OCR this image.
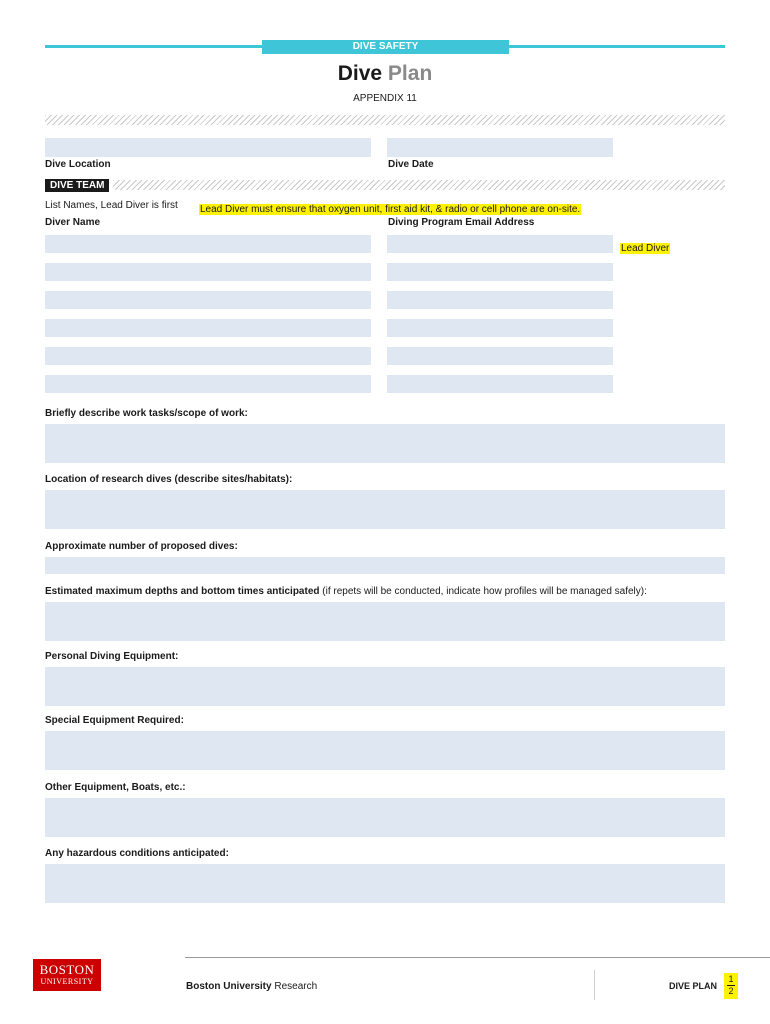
DIVE SAFETY
Dive Plan
APPENDIX 11
Dive Location	Dive Date
DIVE TEAM
List Names, Lead Diver is first Lead Diver must ensure that oxygen unit, first aid kit, & radio or cell phone are on-site.
Diver Name	Diving Program Email Address
Lead Diver
Briefly describe work tasks/scope of work:
Location of research dives (describe sites/habitats):
Approximate number of proposed dives:
Estimated maximum depths and bottom times anticipated (if repets will be conducted, indicate how profiles will be managed safely):
Personal Diving Equipment:
Special Equipment Required:
Other Equipment, Boats, etc.:
Any hazardous conditions anticipated:
BOSTON
UNIVERSITY	Boston University Research	DIVE PLAN
1
2
